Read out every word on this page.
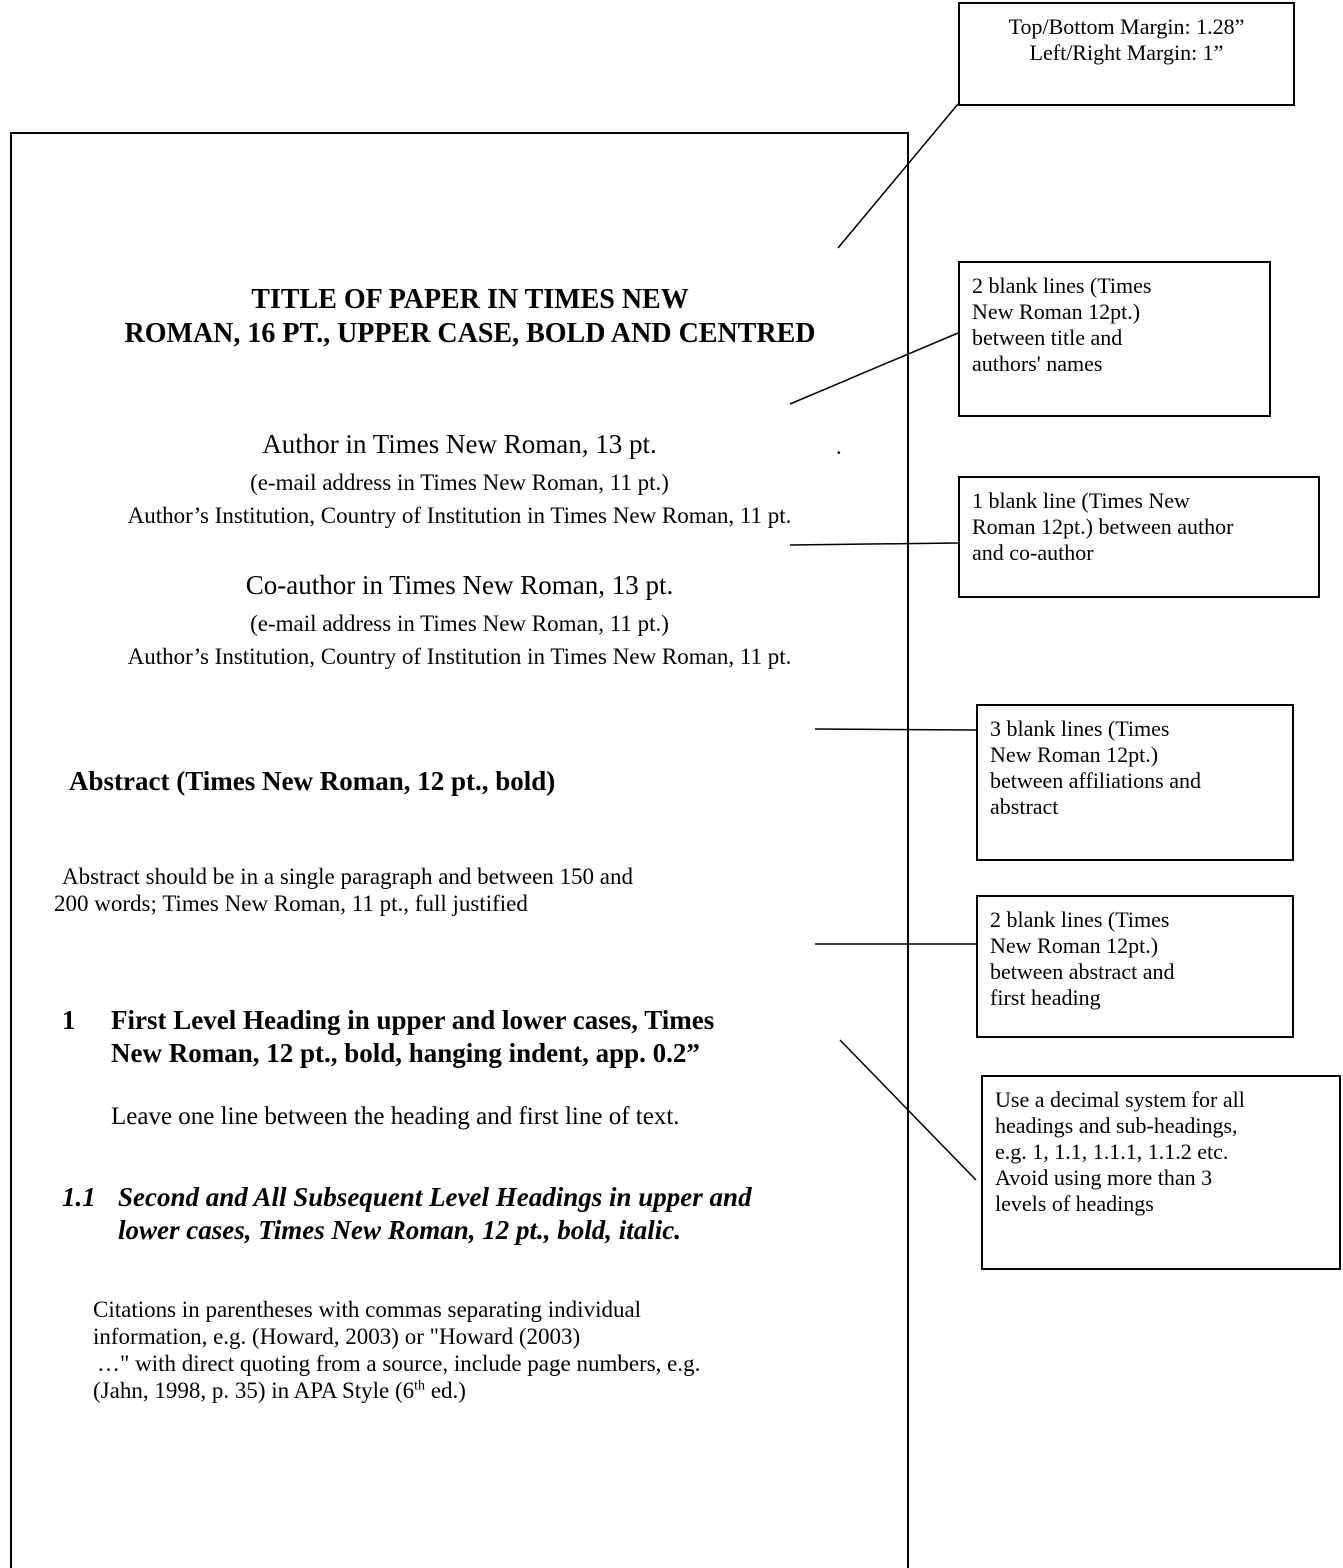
Top/Bottom Margin: 1.28”
Left/Right Margin: 1”
2 blank lines (Times
New Roman 12pt.)
between title and
authors' names
1 blank line (Times New
Roman 12pt.) between author
and co-author
3 blank lines (Times
New Roman 12pt.)
between affiliations and
abstract
2 blank lines (Times
New Roman 12pt.)
between abstract and
first heading
Use a decimal system for all
headings and sub-headings,
e.g. 1, 1.1, 1.1.1, 1.1.2 etc.
Avoid using more than 3
levels of headings
TITLE OF PAPER IN TIMES NEW
ROMAN, 16 PT., UPPER CASE, BOLD AND CENTRED
Author in Times New Roman, 13 pt.
(e-mail address in Times New Roman, 11 pt.)
Author’s Institution, Country of Institution in Times New Roman, 11 pt.
.
Co-author in Times New Roman, 13 pt.
(e-mail address in Times New Roman, 11 pt.)
Author’s Institution, Country of Institution in Times New Roman, 11 pt.
Abstract (Times New Roman, 12 pt., bold)
Abstract should be in a single paragraph and between 150 and
200 words; Times New Roman, 11 pt., full justified
1 First Level Heading in upper and lower cases, Times
New Roman, 12 pt., bold, hanging indent, app. 0.2”
Leave one line between the heading and first line of text.
1.1 Second and All Subsequent Level Headings in upper and
lower cases, Times New Roman, 12 pt., bold, italic.
Citations in parentheses with commas separating individual
information, e.g. (Howard, 2003) or "Howard (2003)
…" with direct quoting from a source, include page numbers, e.g.
(Jahn, 1998, p. 35) in APA Style (6th ed.)
